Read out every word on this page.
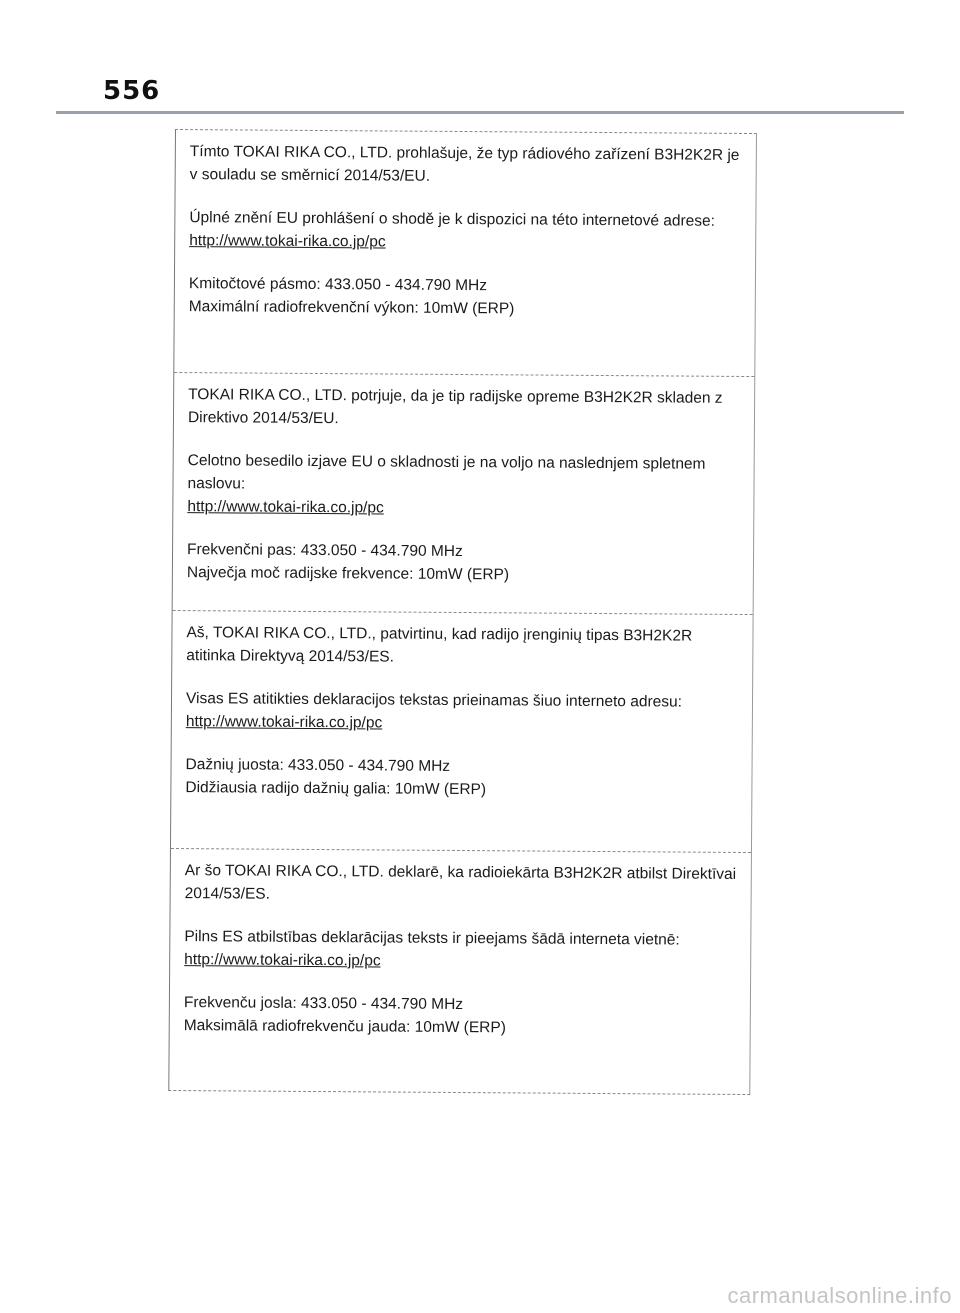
556

Tímto TOKAI RIKA CO., LTD. prohlašuje, že typ rádiového zařízení B3H2K2R je v souladu se směrnicí 2014/53/EU.

Úplné znění EU prohlášení o shodě je k dispozici na této internetové adrese:

http://www.tokai-rika.co.jp/pc
Kmitočtové pásmo: 433.050 - 434.790 MHz
Maximální radiofrekvenční výkon: 10mW (ERP)

TOKAI RIKA CO., LTD. potrjuje, da je tip radijske opreme B3H2K2R skladen z Direktivo 2014/53/EU.

Celotno besedilo izjave EU o skladnosti je na voljo na naslednjem spletnem naslovu:

http://www.tokai-rika.co.jp/pc
Frekvenčni pas: 433.050 - 434.790 MHz
Največja moč radijske frekvence: 10mW (ERP)

Aš, TOKAI RIKA CO., LTD., patvirtinu, kad radijo įrenginių tipas B3H2K2R atitinka Direktyvą 2014/53/ES.

Visas ES atitikties deklaracijos tekstas prieinamas šiuo interneto adresu:

http://www.tokai-rika.co.jp/pc
Dažnių juosta: 433.050 - 434.790 MHz
Didžiausia radijo dažnių galia: 10mW (ERP)

Ar šo TOKAI RIKA CO., LTD. deklarē, ka radioiekārta B3H2K2R atbilst Direktīvai 2014/53/ES.

Pilns ES atbilstības deklarācijas teksts ir pieejams šādā interneta vietnē:

http://www.tokai-rika.co.jp/pc
Frekvenču josla: 433.050 - 434.790 MHz
Maksimālā radiofrekvenču jauda: 10mW (ERP)
carmanualsonline.info
